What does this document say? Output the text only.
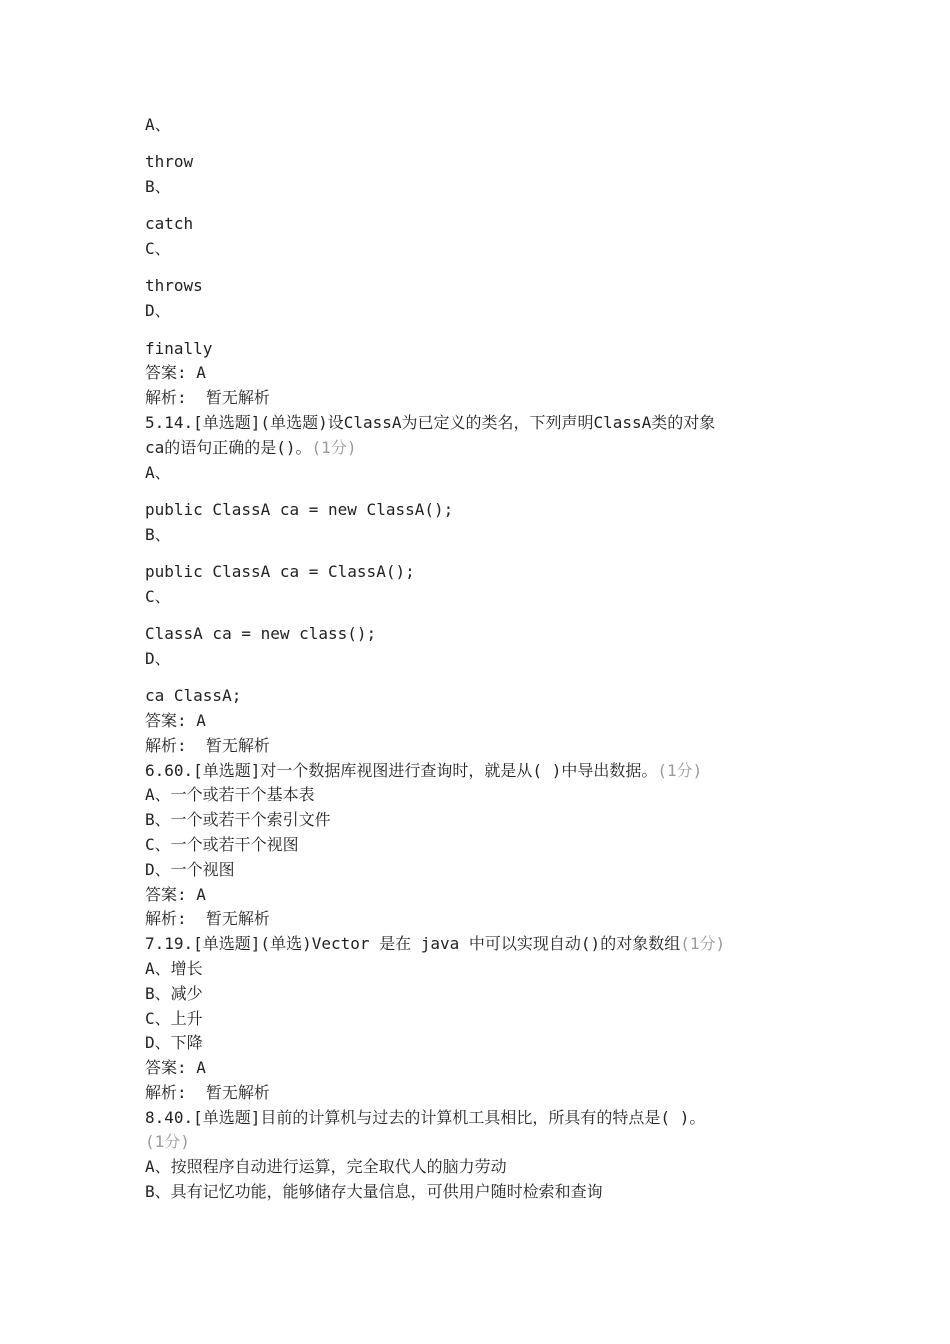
A、
throw
B、
catch
C、
throws
D、
finally
答案: A
解析:  暂无解析
5.14.[单选题](单选题)设ClassA为已定义的类名，下列声明ClassA类的对象
ca的语句正确的是()。(1分)
A、
public ClassA ca = new ClassA();
B、
public ClassA ca = ClassA();
C、
ClassA ca = new class();
D、
ca ClassA;
答案: A
解析:  暂无解析
6.60.[单选题]对一个数据库视图进行查询时，就是从( )中导出数据。(1分)
A、一个或若干个基本表
B、一个或若干个索引文件
C、一个或若干个视图
D、一个视图
答案: A
解析:  暂无解析
7.19.[单选题](单选)Vector 是在 java 中可以实现自动()的对象数组(1分)
A、增长
B、减少
C、上升
D、下降
答案: A
解析:  暂无解析
8.40.[单选题]目前的计算机与过去的计算机工具相比，所具有的特点是( )。
(1分)
A、按照程序自动进行运算，完全取代人的脑力劳动
B、具有记忆功能，能够储存大量信息，可供用户随时检索和查询
